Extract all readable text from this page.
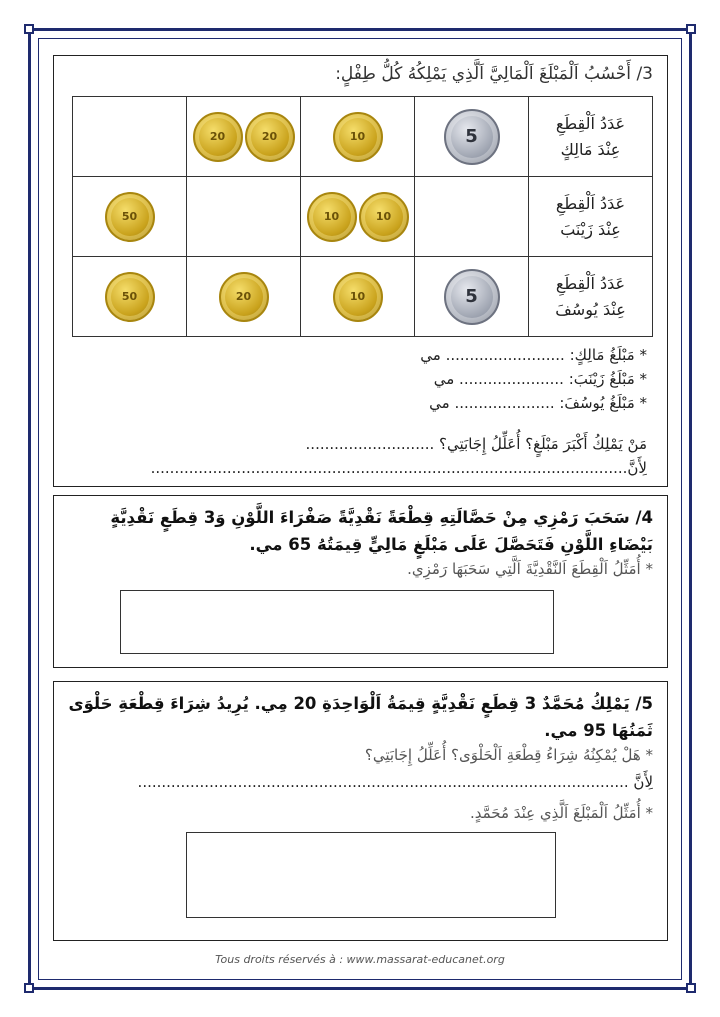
3/ أَحْسُبُ اَلْمَبْلَغَ اَلْمَالِيَّ اَلَّذِي يَمْلِكُهُ كُلُّ طِفْلٍ:
عَدَدُ اَلْقِطَعِ
عِنْدَ مَالِكٍ	5	10	2020	

عَدَدُ اَلْقِطَعِ
عِنْدَ زَيْنَبَ		1010		50

عَدَدُ اَلْقِطَعِ
عِنْدَ يُوسُفَ	5	10	20	50
* مَبْلَغُ مَالِكٍ: ......................... مي
* مَبْلَغُ زَيْنَبَ: ...................... مي
* مَبْلَغُ يُوسُفَ: ..................... مي
مَنْ يَمْلِكُ أَكْبَرَ مَبْلَغٍ؟ أُعَلِّلُ إِجَابَتِي؟ ...........................
لِأَنَّ....................................................................................................
4/ سَحَبَ رَمْزِي مِنْ حَصَّالَتِهِ قِطْعَةً نَقْدِيَّةً صَفْرَاءَ اللَّوْنِ وَ3 قِطَعٍ نَقْدِيَّةٍ بَيْضَاءِ اللَّوْنِ فَتَحَصَّلَ عَلَى مَبْلَغٍ مَالِيٍّ قِيمَتُهُ 65 مي.
* أُمَثِّلُ اَلْقِطَعَ اَلنَّقْدِيَّةَ اَلَّتِي سَحَبَهَا رَمْزِي.
5/ يَمْلِكُ مُحَمَّدٌ 3 قِطَعٍ نَقْدِيَّةٍ قِيمَةُ اَلْوَاحِدَةِ 20 مِي. يُرِيدُ شِرَاءَ قِطْعَةِ حَلْوَى ثَمَنُهَا 95 مي.
* هَلْ يُمْكِنُهُ شِرَاءُ قِطْعَةِ اَلْحَلْوَى؟ أُعَلِّلُ إِجَابَتِي؟
لِأَنَّ .......................................................................................................
* أُمَثِّلُ اَلْمَبْلَغَ اَلَّذِي عِنْدَ مُحَمَّدٍ.
Tous droits réservés à : www.massarat-educanet.org
